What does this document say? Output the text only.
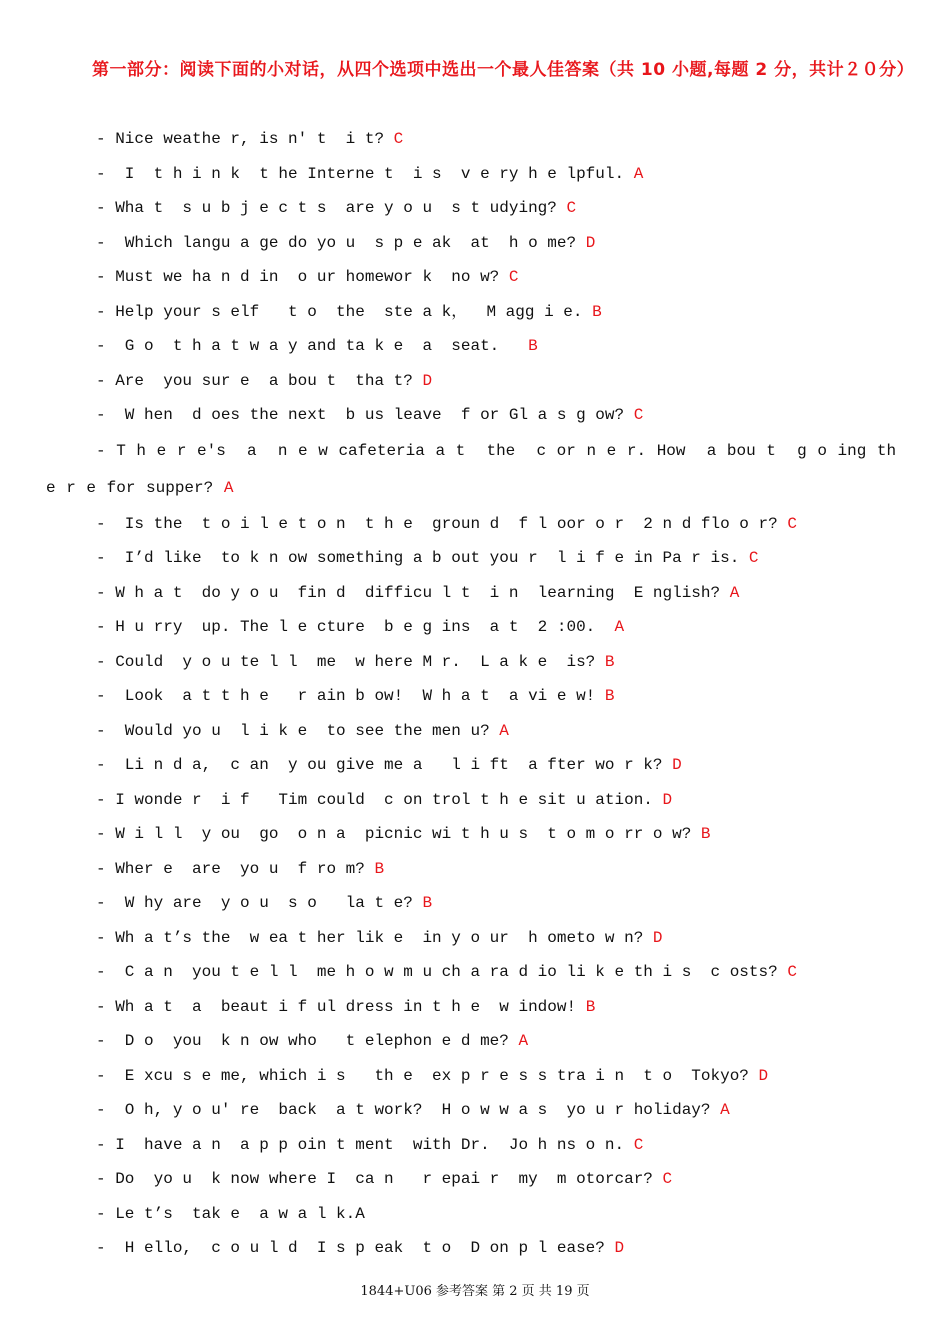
第一部分：阅读下面的小对话，从四个选项中选出一个最人佳答案（共 10 小题,每题 2 分，共计２０分）
- Nice weathe r, is n′ t  i t? C
-  I  t h i n k  t he Interne t  i s  v e ry h e lpful. A
- Wha t  s u b j e c t s  are y o u  s t udying? C
-  Which langu a ge do yo u  s p e ak  at  h o me? D
- Must we ha n d in  o ur homewor k  no w? C
- Help your s elf   t o  the  ste a k，  M agg i e. B
-  G o  t h a t w a y and ta k e  a  seat.   B
- Are  you sur e  a bou t  tha t? D
-  W hen  d oes the next  b us leave  f or Gl a s g ow? C
- T h e r e′s  a  n e w cafeteria a t  the  c or n e r. How  a bou t  g o ing th e r e for supper? A
-  Is the  t o i l e t o n  t h e  groun d  f l oor o r  2 n d flo o r? C
-  I’d like  to k n ow something a b out you r  l i f e in Pa r is. C
- W h a t  do y o u  fin d  difficu l t  i n  learning  E nglish? A
- H u rry  up. The l e cture  b e g ins  a t  2 :00.  A
- Could  y o u te l l  me  w here M r.  L a k e  is? B
-  Look  a t t h e   r ain b ow!  W h a t  a vi e w! B
-  Would yo u  l i k e  to see the men u? A
-  Li n d a,  c an  y ou give me a   l i ft  a fter wo r k? D
- I wonde r  i f   Tim could  c on trol t h e sit u ation. D
- W i l l  y ou  go  o n a  picnic wi t h u s  t o m o rr o w? B
- Wher e  are  yo u  f ro m? B
-  W hy are  y o u  s o   la t e? B
- Wh a t’s the  w ea t her lik e  in y o ur  h ometo w n? D
-  C a n  you t e l l  me h o w m u ch a ra d io li k e th i s  c osts? C
- Wh a t  a  beaut i f ul dress in t h e  w indow! B
-  D o  you  k n ow who   t elephon e d me? A
-  E xcu s e me, which i s   th e  ex p r e s s tra i n  t o  Tokyo? D
-  O h, y o u′ re  back  a t work?  H o w w a s  yo u r holiday? A
- I  have a n  a p p oin t ment  with Dr.  Jo h ns o n. C
- Do  yo u  k now where I  ca n   r epai r  my  m otorcar? C
- Le t’s  tak e  a w a l k.A
-  H ello,  c o u l d  I s p eak  t o  D on p l ease? D
1844+U06 参考答案 第 2 页 共 19 页
